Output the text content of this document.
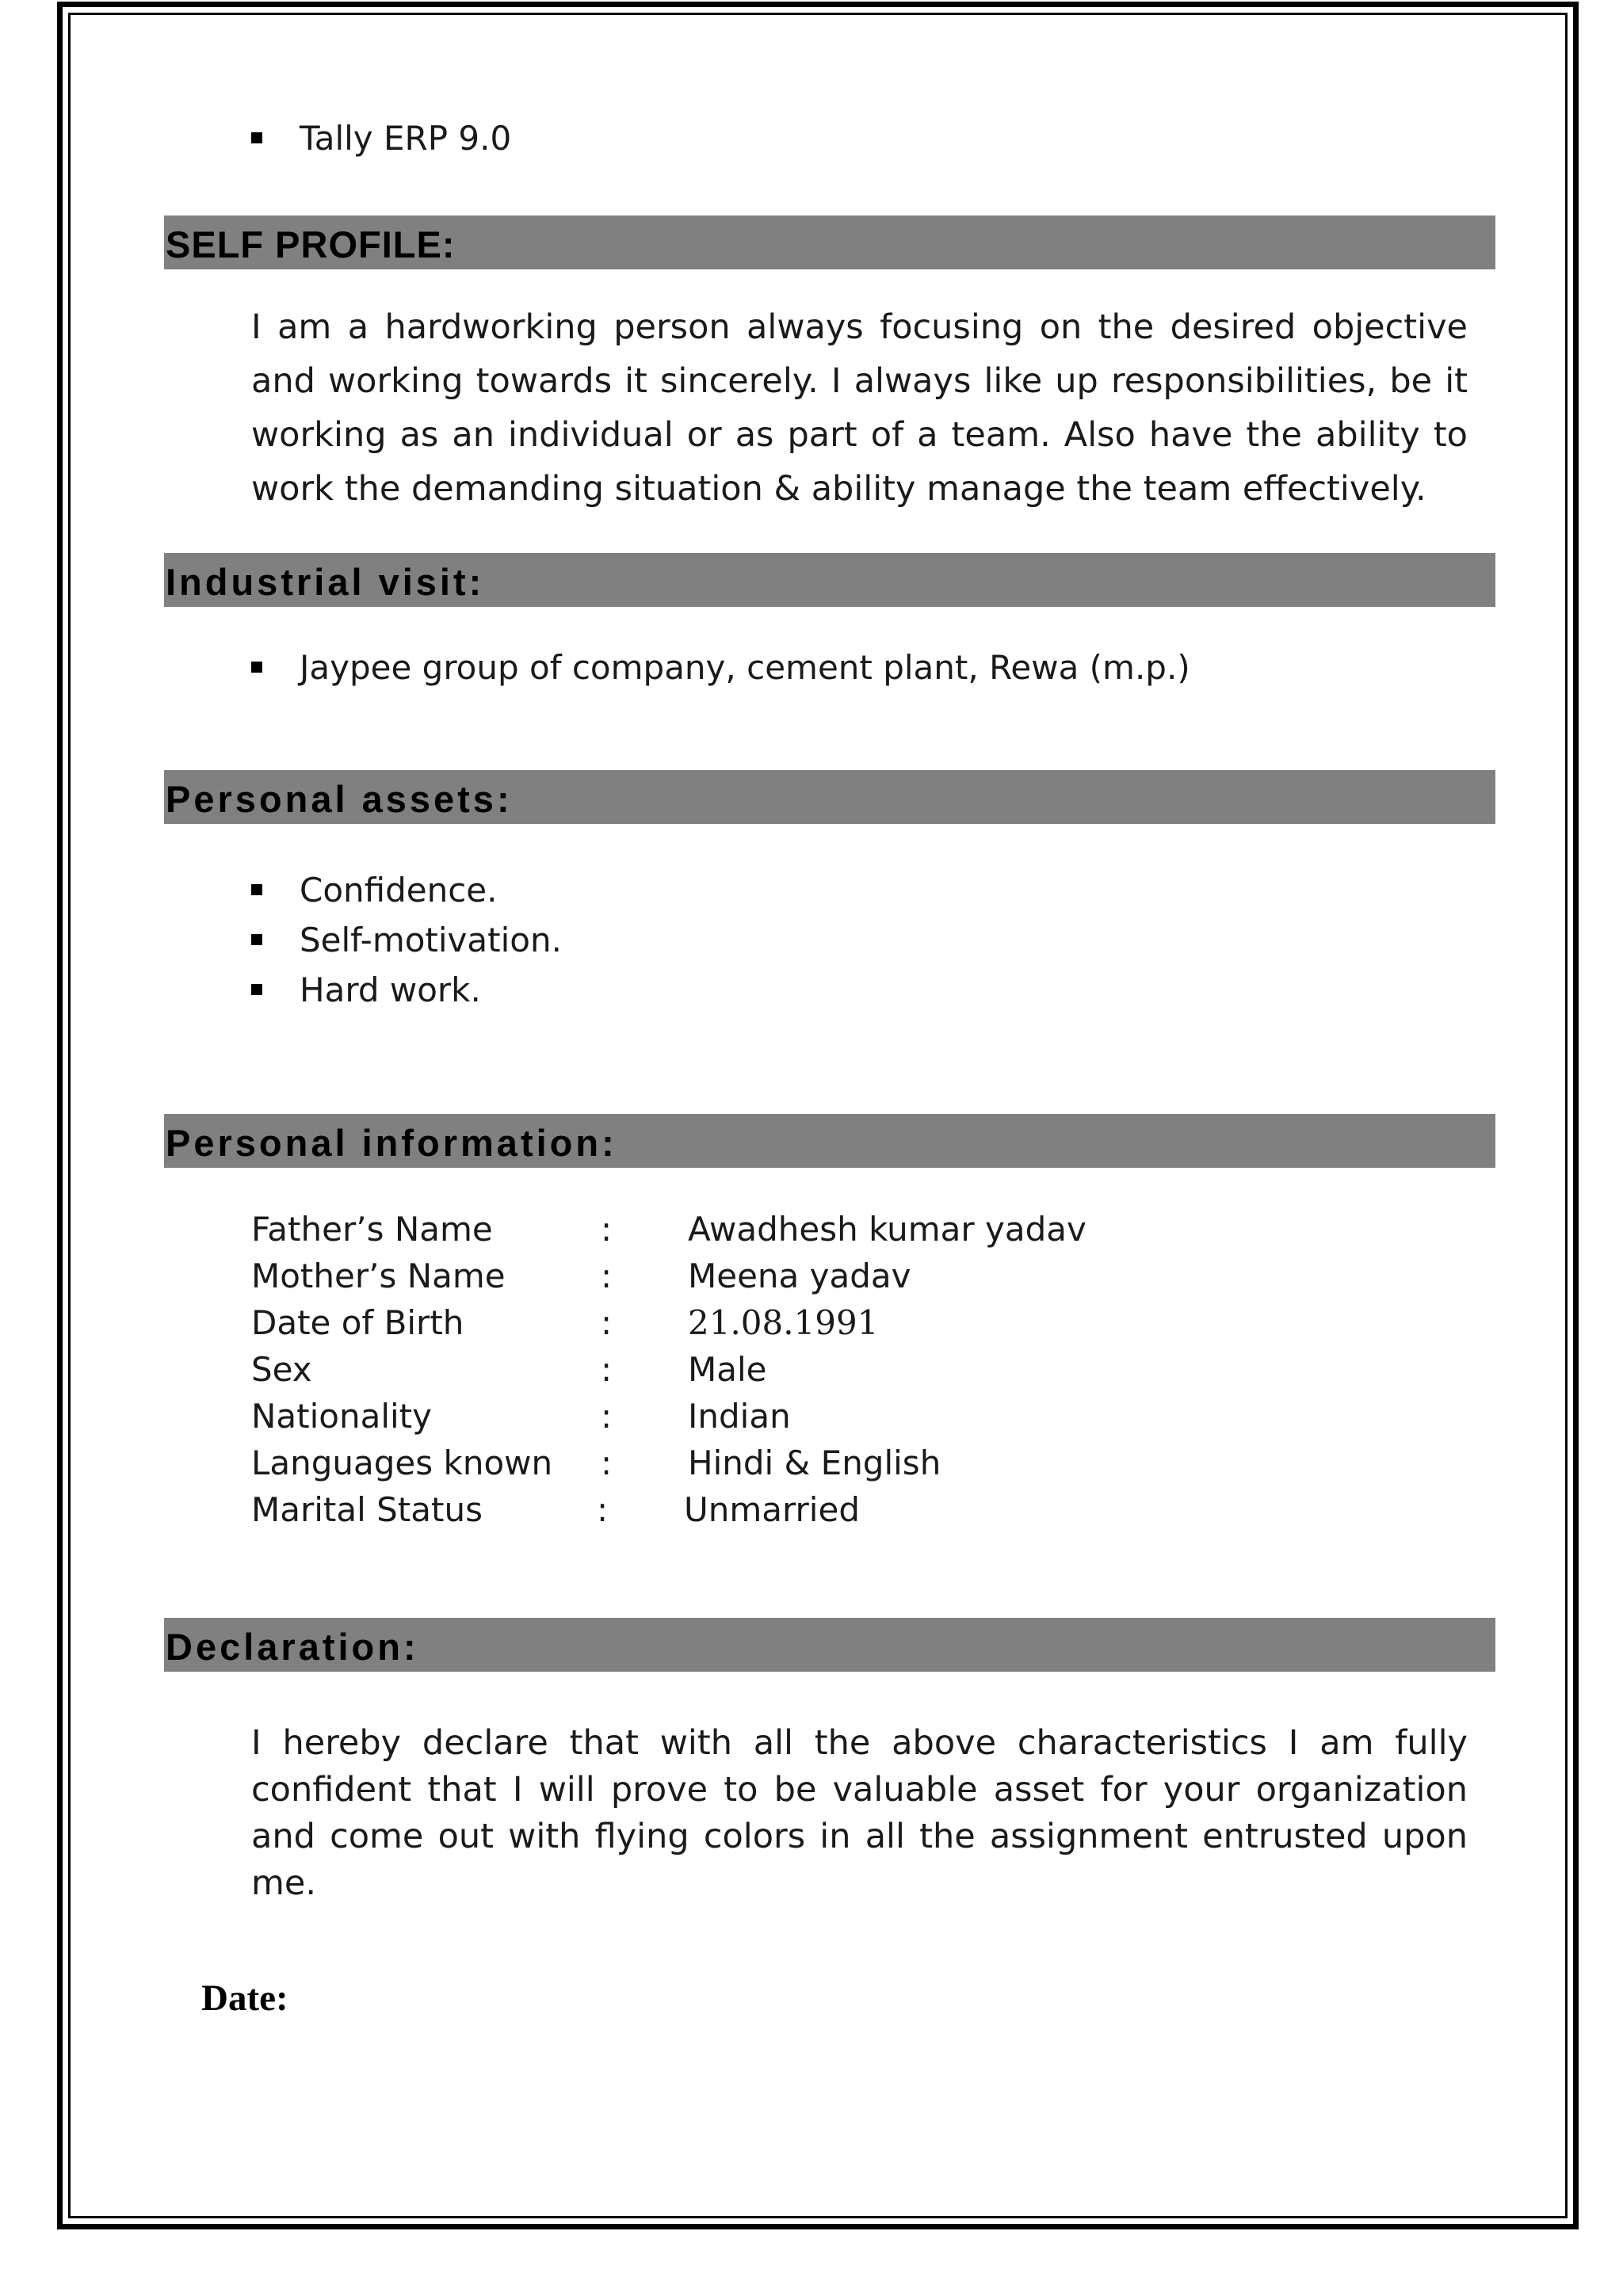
Tally ERP 9.0
SELF PROFILE:

I am a hardworking person always focusing on the desired objective and working towards it sincerely. I always like up responsibilities, be it working as an individual or as part of a team. Also have the ability to work the demanding situation & ability manage the team effectively.

Industrial visit:
Jaypee group of company, cement plant, Rewa (m.p.)
Personal assets:
Confidence.
Self-motivation.
Hard work.
Personal information:
Father’s Name	: Awadhesh kumar yadav
Mother’s Name	: Meena yadav
Date of Birth	: 21.08.1991
Sex	: Male
Nationality	: Indian
Languages known : Hindi & English
Marital Status	: Unmarried
Declaration:

I hereby declare that with all the above characteristics I am fully confident that I will prove to be valuable asset for your organization and come out with flying colors in all the assignment entrusted upon me.

Date:
